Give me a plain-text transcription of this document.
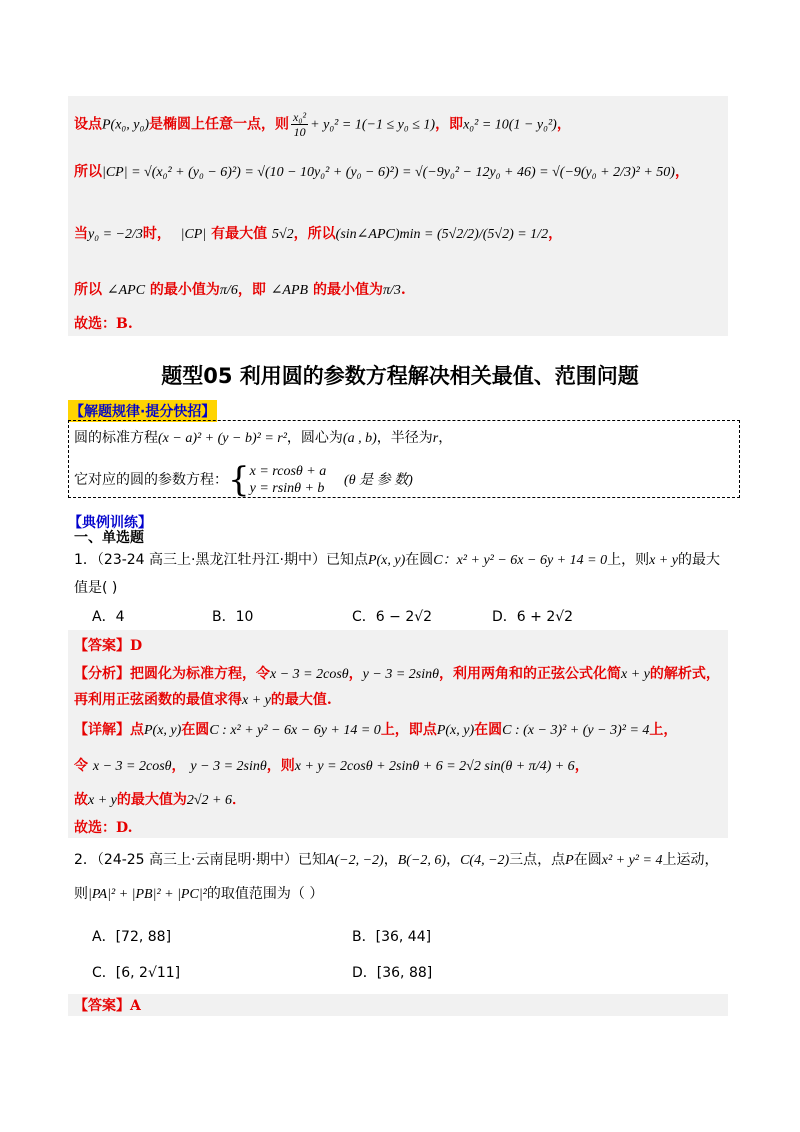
设点P(x₀, y₀)是椭圆上任意一点，则 $\frac{\text{x₀²}}{10} + y_0^2 = 1(-1 \le y_0 \le 1)$，即x₀² = 10(1 − y₀²)，
所以|CP| = √(x₀² + (y₀ − 6)²) = √(10 − 10y₀² + (y₀ − 6)²) = √(−9y₀² − 12y₀ + 46) = √(−9(y₀ + 2/3)² + 50)，
当y₀ = −2/3时， |CP| 有最大值 5√2，所以(sin∠APC)min = (5√2/2)/(5√2) = 1/2，
所以 ∠APC 的最小值为π/6，即 ∠APB 的最小值为π/3.
故选：B.
题型05 利用圆的参数方程解决相关最值、范围问题
【解题规律·提分快招】
圆的标准方程(x − a)² + (y − b)² = r²，圆心为(a , b)，半径为r，
它对应的圆的参数方程：{ x = rcosθ + a
y = rsinθ + b
(θ 是 参 数)
【典例训练】
一、单选题
1．（23-24 高三上·黑龙江牡丹江·期中）已知点P(x, y)在圆C：x² + y² − 6x − 6y + 14 = 0上，则x + y的最大
值是( )
A．4	B．10	C．6 − 2√2	D．6 + 2√2
【答案】D
【分析】把圆化为标准方程，令x − 3 = 2cosθ，y − 3 = 2sinθ，利用两角和的正弦公式化简x + y的解析式，
再利用正弦函数的最值求得x + y的最大值.
【详解】点P(x, y)在圆C : x² + y² − 6x − 6y + 14 = 0上，即点P(x, y)在圆C : (x − 3)² + (y − 3)² = 4上，
令 x − 3 = 2cosθ， y − 3 = 2sinθ，则x + y = 2cosθ + 2sinθ + 6 = 2√2 sin(θ + π/4) + 6，
故x + y的最大值为2√2 + 6．
故选：D.
2．（24-25 高三上·云南昆明·期中）已知A(−2, −2)，B(−2, 6)，C(4, −2)三点，点P在圆x² + y² = 4上运动，
则|PA|² + |PB|² + |PC|²的取值范围为（ ）
A．[72, 88]	B．[36, 44]
C．[6, 2√11]	D．[36, 88]
【答案】A
